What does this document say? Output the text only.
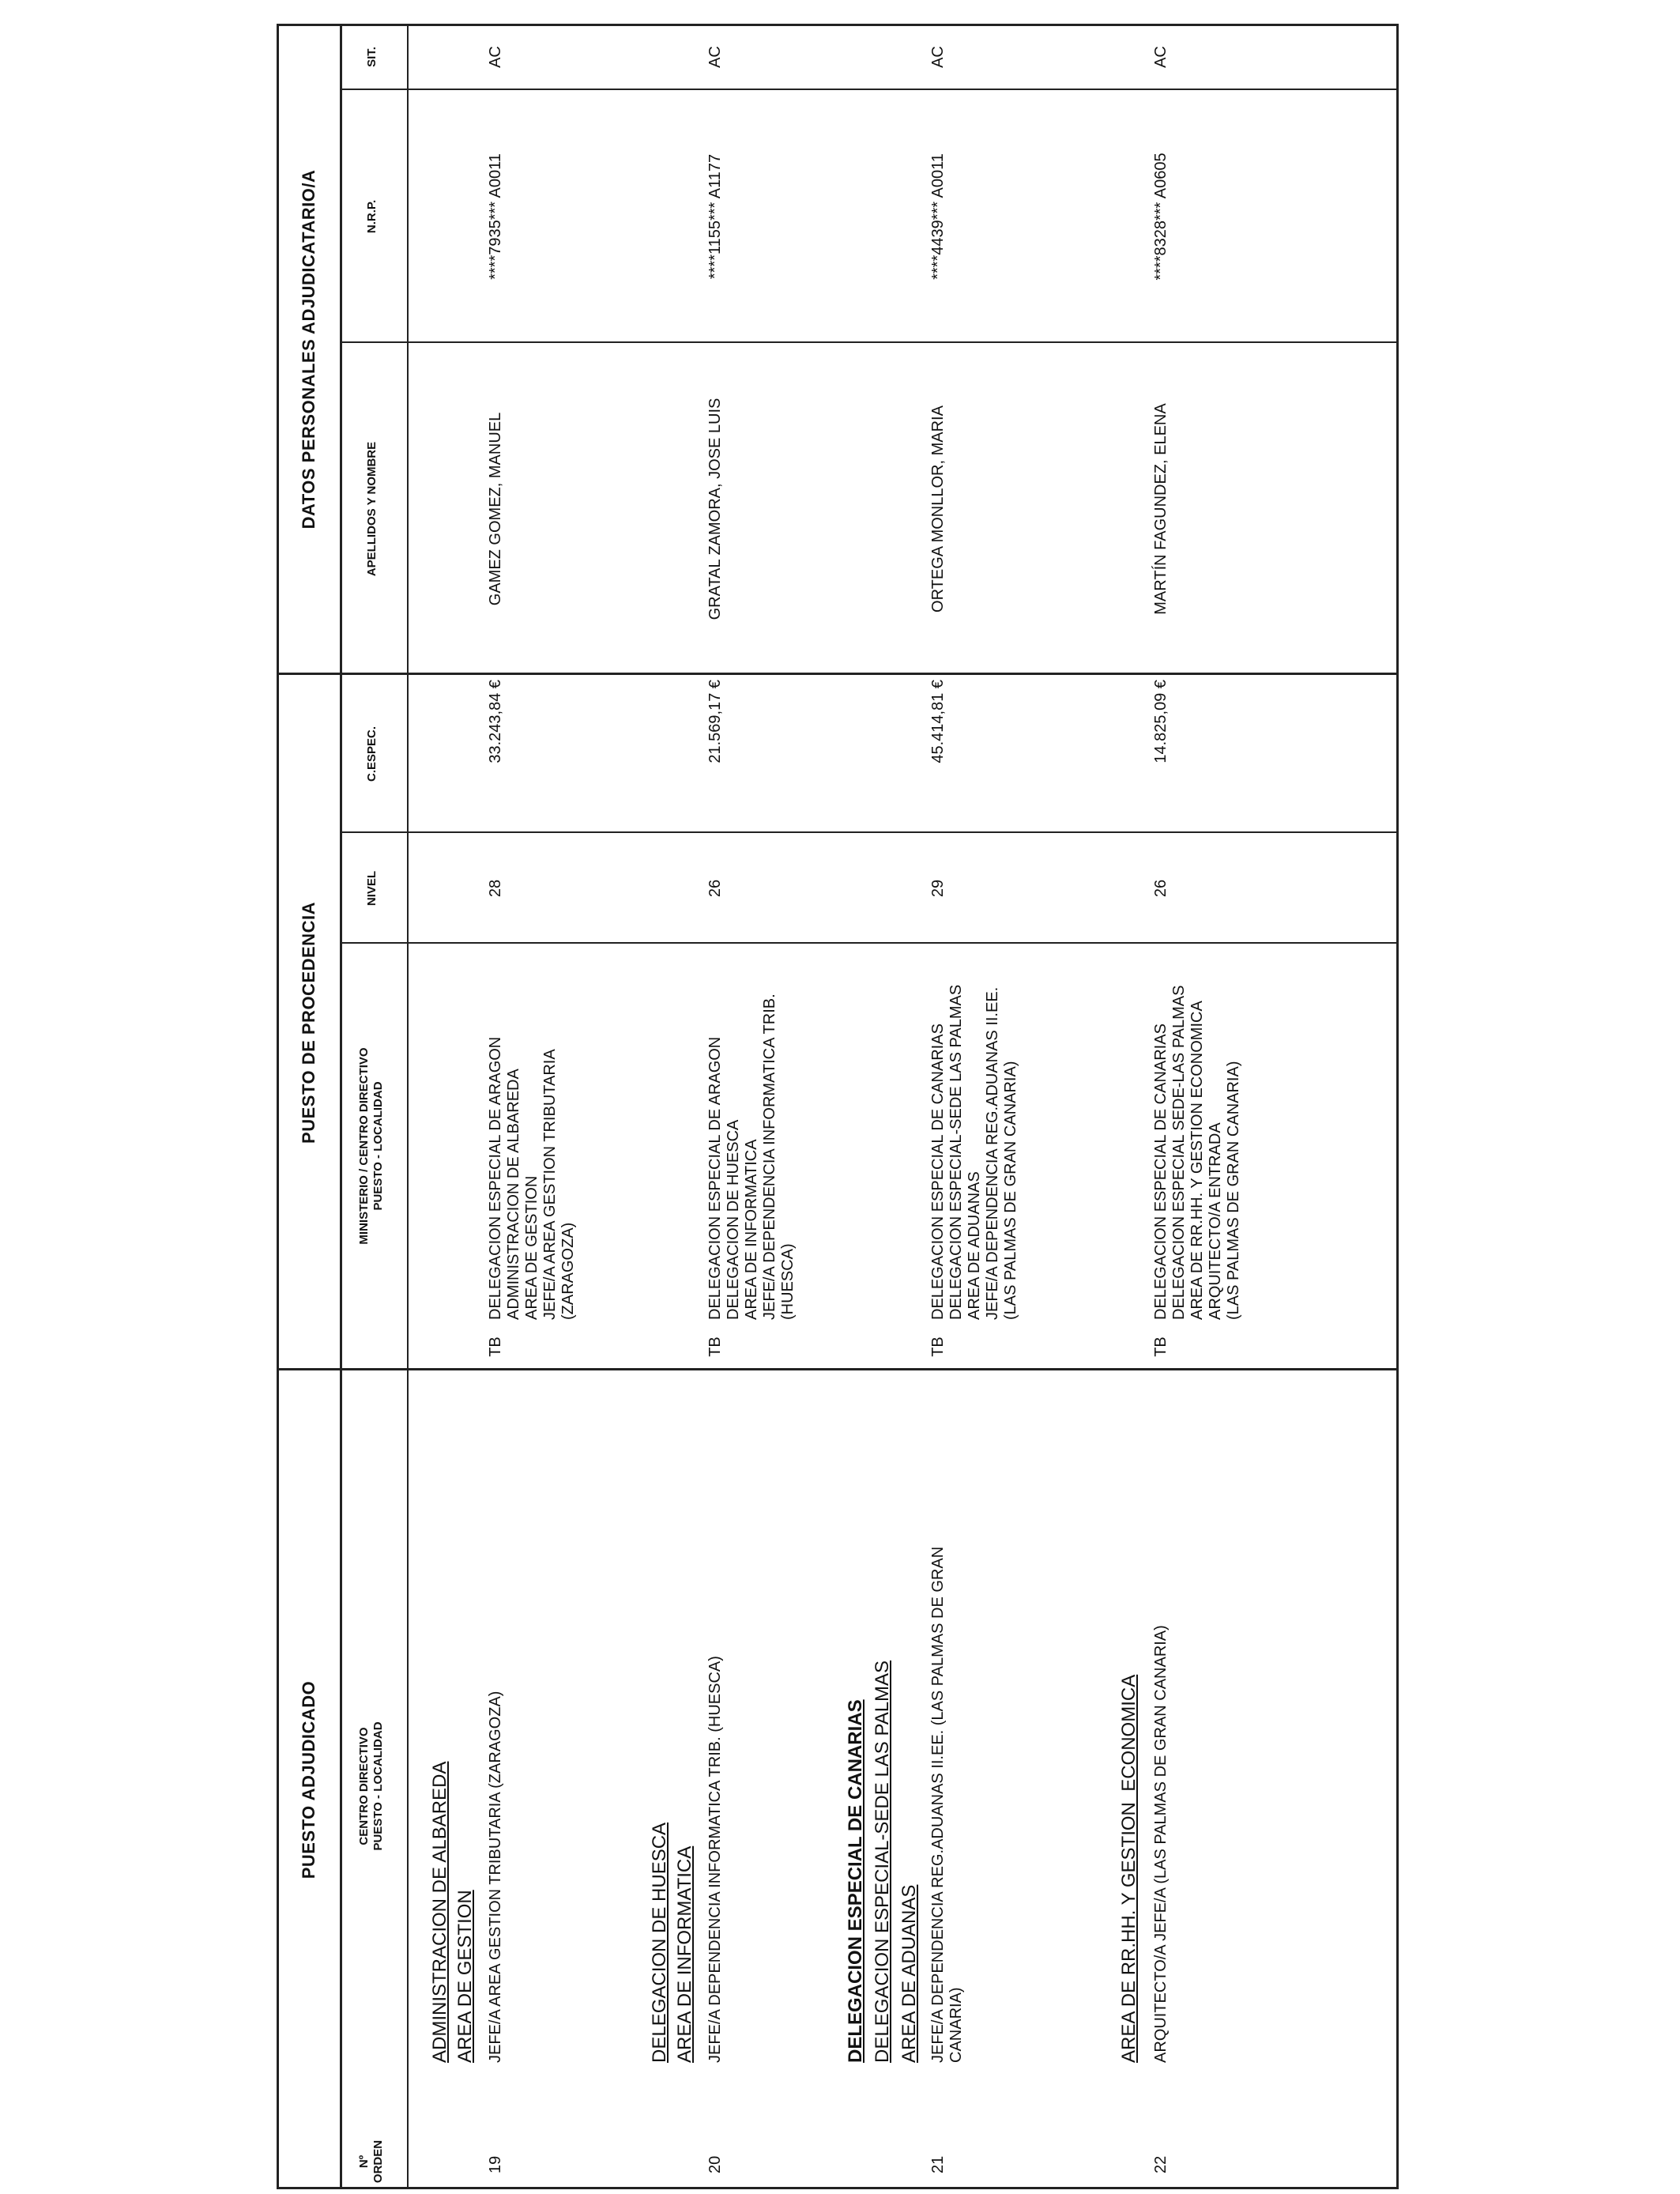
PUESTO ADJUDICADO
PUESTO DE PROCEDENCIA
DATOS PERSONALES ADJUDICATARIO/A
Nº
ORDEN
CENTRO DIRECTIVO
PUESTO - LOCALIDAD
MINISTERIO / CENTRO DIRECTIVO
PUESTO - LOCALIDAD
NIVEL
C.ESPEC.
APELLIDOS Y NOMBRE
N.R.P.
SIT.
ADMINISTRACION DE ALBAREDA AREA DE GESTION
19
JEFE/A AREA GESTION TRIBUTARIA (ZARAGOZA)
TB
DELEGACION ESPECIAL DE ARAGON
ADMINISTRACION DE ALBAREDA
AREA DE GESTION
JEFE/A AREA GESTION TRIBUTARIA
(ZARAGOZA)
28
33.243,84 €
GAMEZ GOMEZ, MANUEL
****7935*** A0011
AC
DELEGACION DE HUESCA AREA DE INFORMATICA
20
JEFE/A DEPENDENCIA INFORMATICA TRIB. (HUESCA)
TB
DELEGACION ESPECIAL DE ARAGON
DELEGACION DE HUESCA
AREA DE INFORMATICA
JEFE/A DEPENDENCIA INFORMATICA TRIB.
(HUESCA)
26
21.569,17 €
GRATAL ZAMORA, JOSE LUIS
****1155*** A1177
AC
DELEGACION ESPECIAL DE CANARIAS DELEGACION ESPECIAL-SEDE LAS PALMAS AREA DE ADUANAS
21
JEFE/A DEPENDENCIA REG.ADUANAS II.EE. (LAS PALMAS DE GRAN
CANARIA)
TB
DELEGACION ESPECIAL DE CANARIAS
DELEGACION ESPECIAL-SEDE LAS PALMAS
AREA DE ADUANAS
JEFE/A DEPENDENCIA REG.ADUANAS II.EE.
(LAS PALMAS DE GRAN CANARIA)
29
45.414,81 €
ORTEGA MONLLOR, MARIA
****4439*** A0011
AC
AREA DE RR.HH. Y GESTION  ECONOMICA
22
ARQUITECTO/A JEFE/A (LAS PALMAS DE GRAN CANARIA)
TB
DELEGACION ESPECIAL DE CANARIAS
DELEGACION ESPECIAL SEDE-LAS PALMAS
AREA DE RR.HH. Y GESTION ECONOMICA
ARQUITECTO/A ENTRADA
(LAS PALMAS DE GRAN CANARIA)
26
14.825,09 €
MARTÍN FAGUNDEZ, ELENA
****8328*** A0605
AC
